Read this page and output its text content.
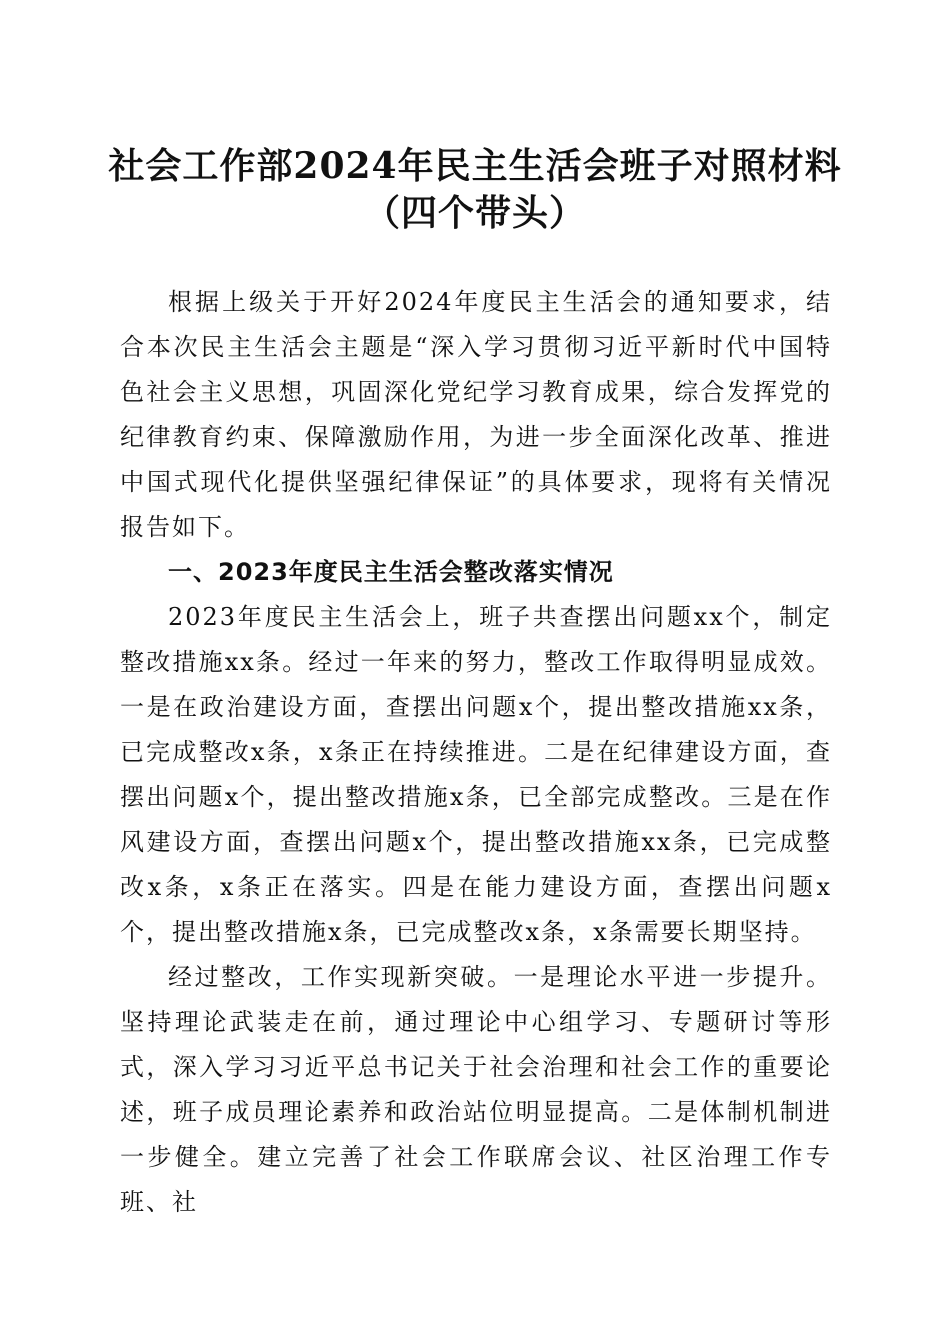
社会工作部2024年民主生活会班子对照材料
（四个带头）

根据上级关于开好2024年度民主生活会的通知要求，结合本次民主生活会主题是“深入学习贯彻习近平新时代中国特色社会主义思想，巩固深化党纪学习教育成果，综合发挥党的纪律教育约束、保障激励作用，为进一步全面深化改革、推进中国式现代化提供坚强纪律保证”的具体要求，现将有关情况报告如下。

一、2023年度民主生活会整改落实情况

2023年度民主生活会上，班子共查摆出问题xx个，制定整改措施xx条。经过一年来的努力，整改工作取得明显成效。一是在政治建设方面，查摆出问题x个，提出整改措施xx条，已完成整改x条，x条正在持续推进。二是在纪律建设方面，查摆出问题x个，提出整改措施x条，已全部完成整改。三是在作风建设方面，查摆出问题x个，提出整改措施xx条，已完成整改x条，x条正在落实。四是在能力建设方面，查摆出问题x个，提出整改措施x条，已完成整改x条，x条需要长期坚持。

经过整改，工作实现新突破。一是理论水平进一步提升。坚持理论武装走在前，通过理论中心组学习、专题研讨等形式，深入学习习近平总书记关于社会治理和社会工作的重要论述，班子成员理论素养和政治站位明显提高。二是体制机制进一步健全。建立完善了社会工作联席会议、社区治理工作专班、社
